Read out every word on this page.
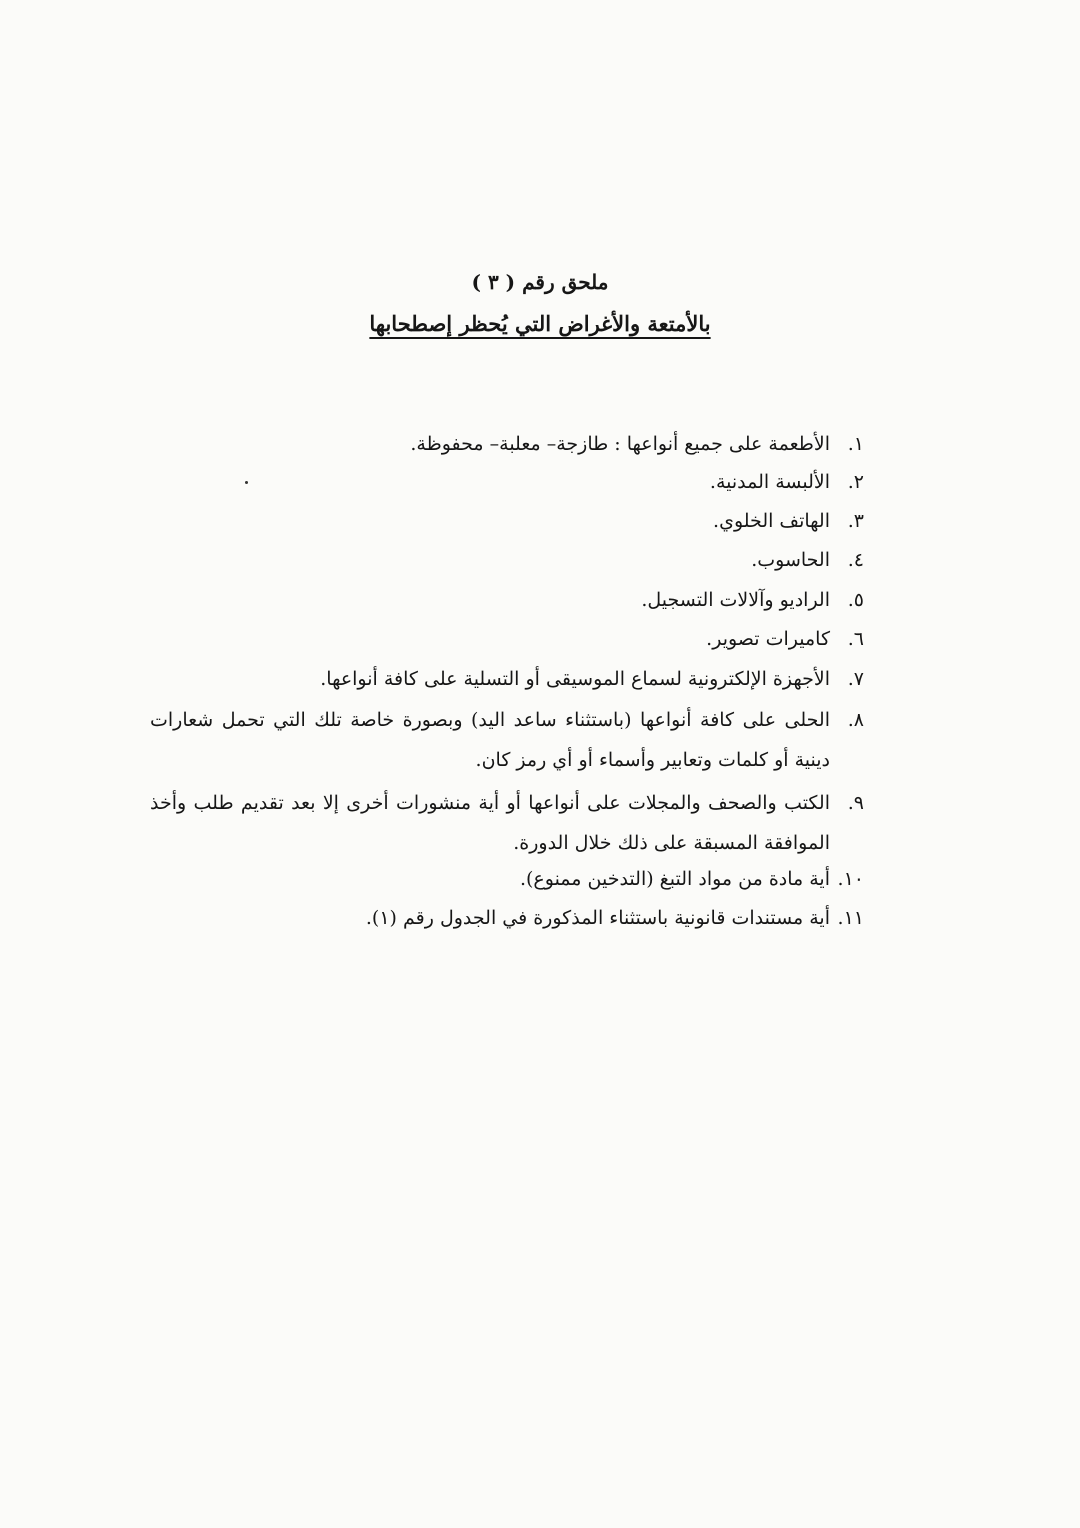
ملحق رقم ( ٣ )
بالأمتعة والأغراض التي يُحظر إصطحابها
١.
الأطعمة على جميع أنواعها : طازجة– معلبة– محفوظة.
٢.
الألبسة المدنية.
٣.
الهاتف الخلوي.
٤.
الحاسوب.
٥.
الراديو وآلالات التسجيل.
٦.
كاميرات تصوير.
٧.
الأجهزة الإلكترونية لسماع الموسيقى أو التسلية على كافة أنواعها.
٨.
الحلى على كافة أنواعها (باستثناء ساعد اليد) وبصورة خاصة تلك التي تحمل شعارات دينية أو كلمات وتعابير وأسماء أو أي رمز كان.
٩.
الكتب والصحف والمجلات على أنواعها أو أية منشورات أخرى إلا بعد تقديم طلب وأخذ الموافقة المسبقة على ذلك خلال الدورة.
١٠.
أية مادة من مواد التبغ (التدخين ممنوع).
١١.
أية مستندات قانونية باستثناء المذكورة في الجدول رقم (١).
